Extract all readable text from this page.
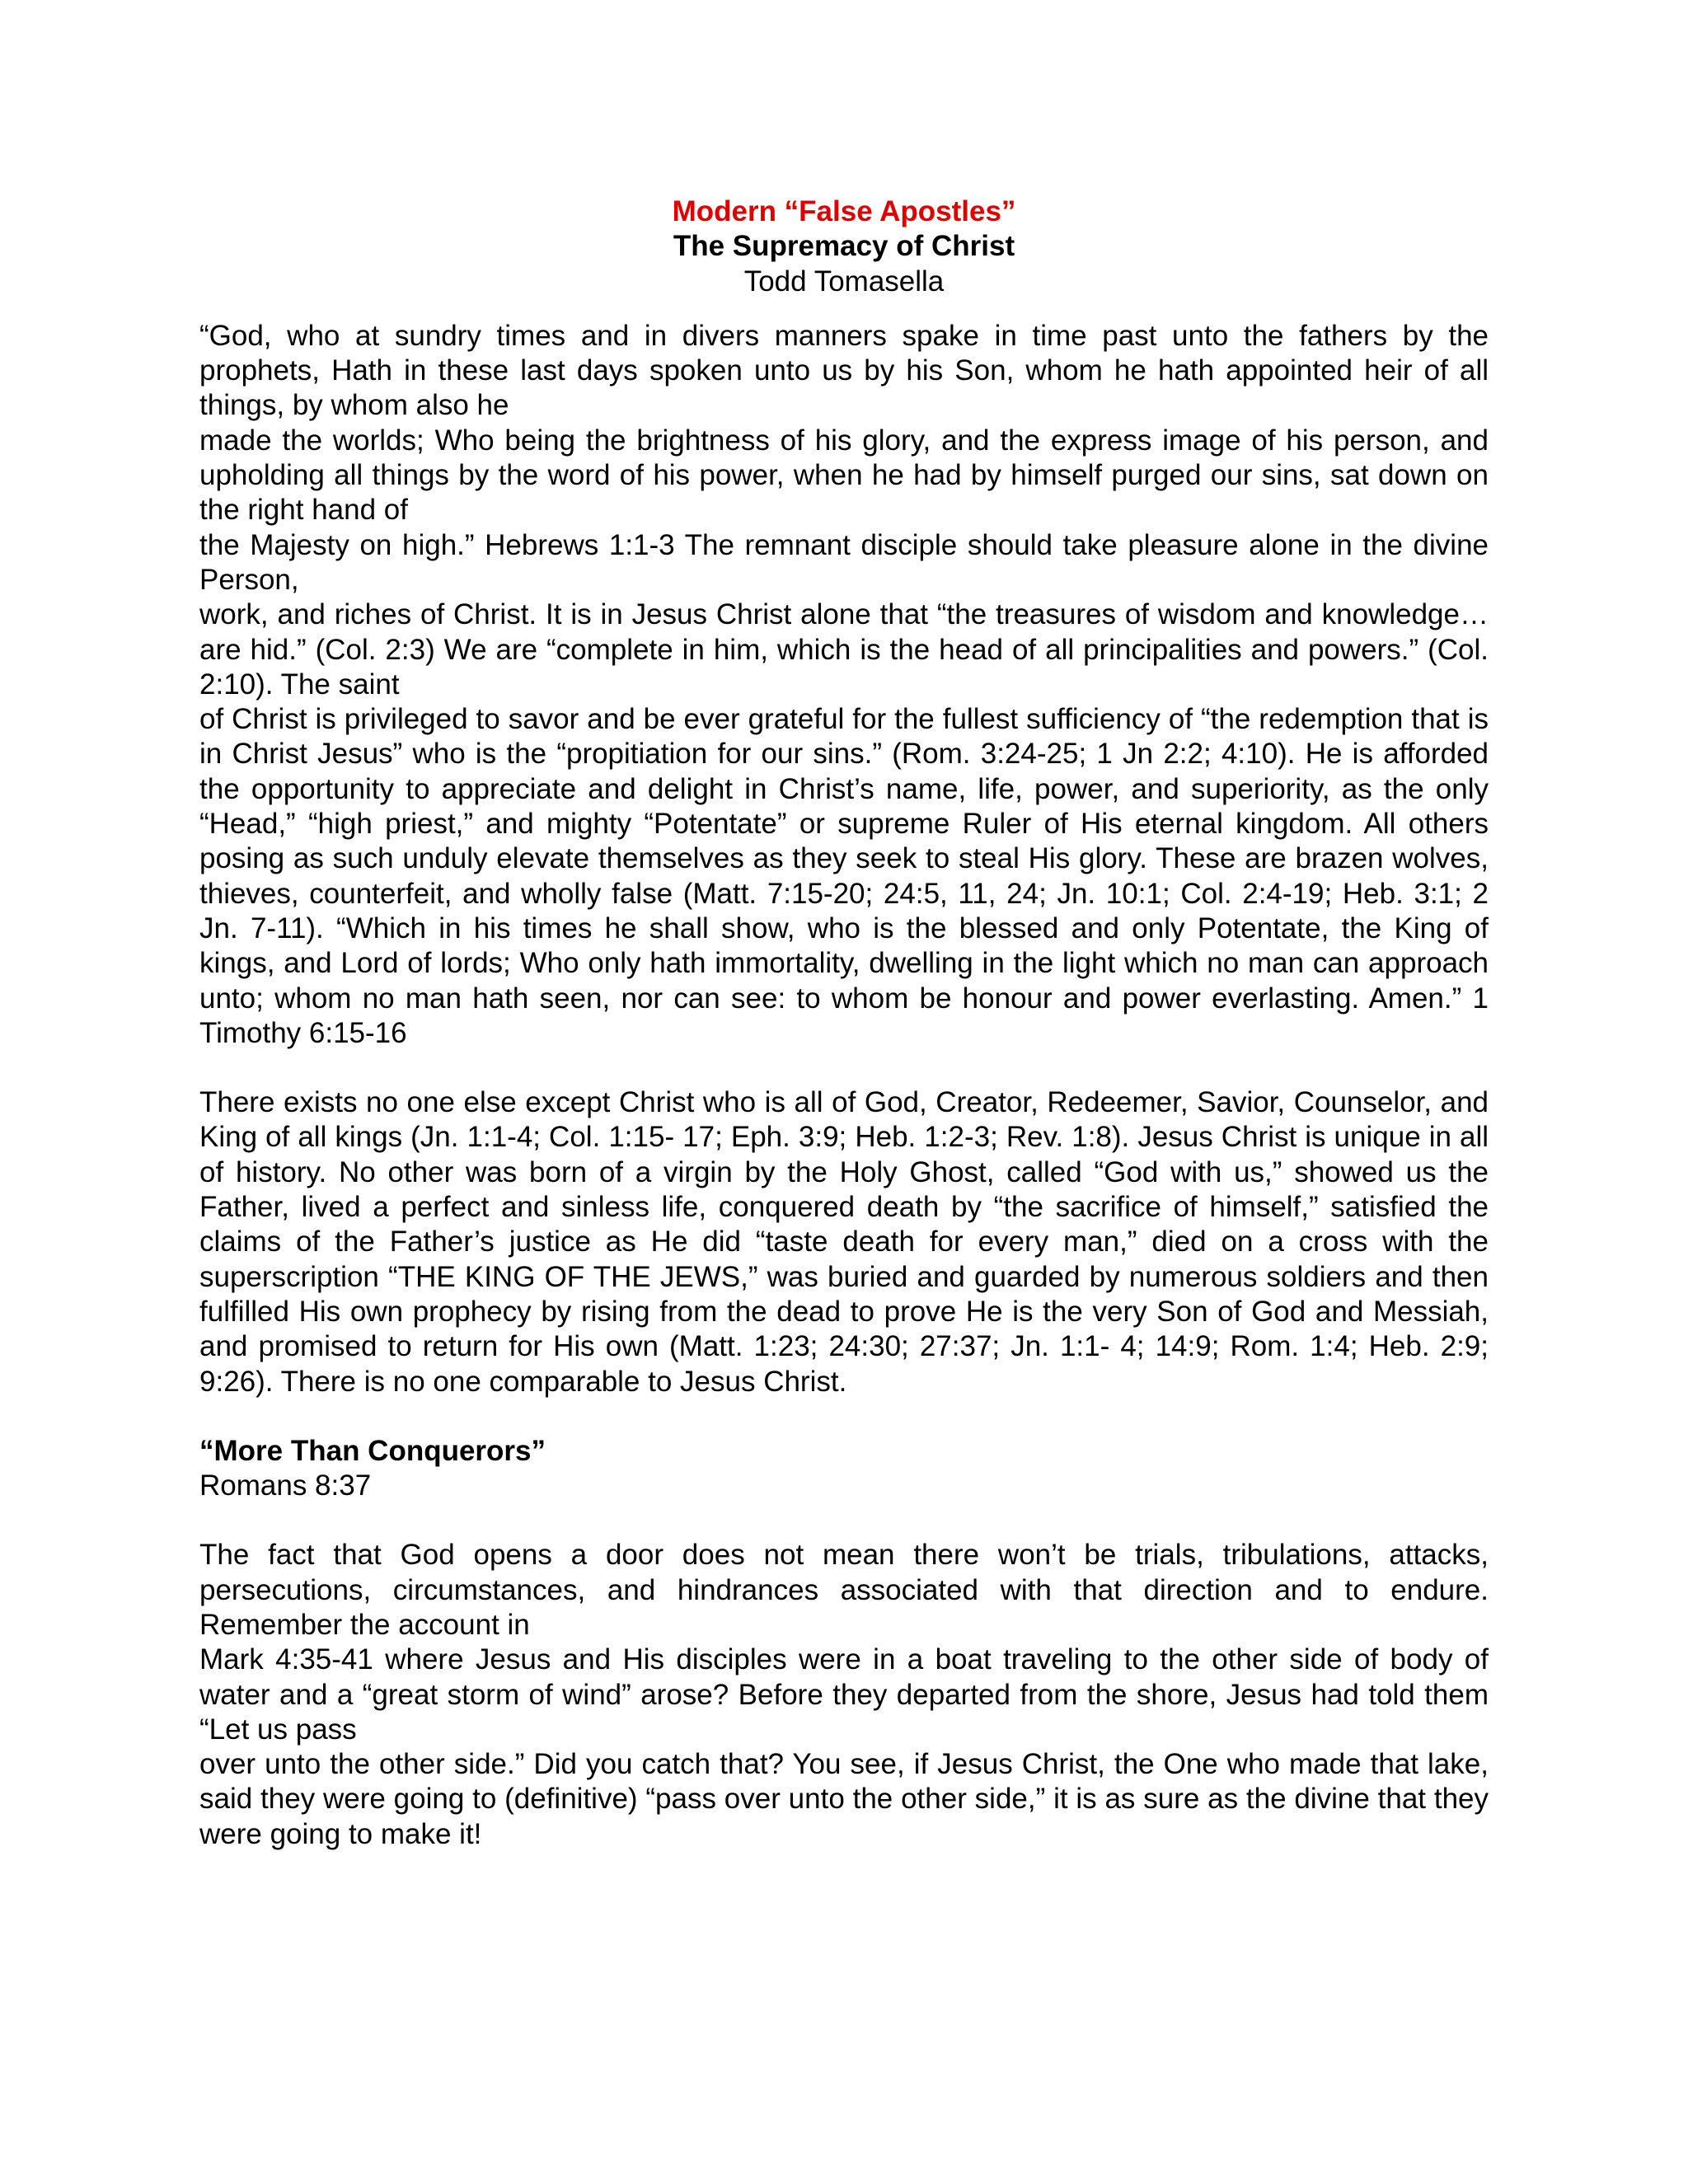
Modern “False Apostles”
The Supremacy of Christ
Todd Tomasella

“God, who at sundry times and in divers manners spake in time past unto the fathers by the prophets, Hath in these last days spoken unto us by his Son, whom he hath appointed heir of all things, by whom also he

made the worlds; Who being the brightness of his glory, and the express image of his person, and upholding all things by the word of his power, when he had by himself purged our sins, sat down on the right hand of

the Majesty on high.” Hebrews 1:1-3 The remnant disciple should take pleasure alone in the divine Person,

work, and riches of Christ. It is in Jesus Christ alone that “the treasures of wisdom and knowledge…are hid.” (Col. 2:3) We are “complete in him, which is the head of all principalities and powers.” (Col. 2:10). The saint

of Christ is privileged to savor and be ever grateful for the fullest sufficiency of “the redemption that is in Christ Jesus” who is the “propitiation for our sins.” (Rom. 3:24-25; 1 Jn 2:2; 4:10). He is afforded the opportunity to appreciate and delight in Christ’s name, life, power, and superiority, as the only “Head,” “high priest,” and mighty “Potentate” or supreme Ruler of His eternal kingdom. All others posing as such unduly elevate themselves as they seek to steal His glory. These are brazen wolves, thieves, counterfeit, and wholly false (Matt. 7:15-20; 24:5, 11, 24; Jn. 10:1; Col. 2:4-19; Heb. 3:1; 2 Jn. 7-11). “Which in his times he shall show, who is the blessed and only Potentate, the King of kings, and Lord of lords; Who only hath immortality, dwelling in the light which no man can approach unto; whom no man hath seen, nor can see: to whom be honour and power everlasting. Amen.” 1 Timothy 6:15-16

There exists no one else except Christ who is all of God, Creator, Redeemer, Savior, Counselor, and King of all kings (Jn. 1:1-4; Col. 1:15- 17; Eph. 3:9; Heb. 1:2-3; Rev. 1:8). Jesus Christ is unique in all of history. No other was born of a virgin by the Holy Ghost, called “God with us,” showed us the Father, lived a perfect and sinless life, conquered death by “the sacrifice of himself,” satisfied the claims of the Father’s justice as He did “taste death for every man,” died on a cross with the superscription “THE KING OF THE JEWS,” was buried and guarded by numerous soldiers and then fulfilled His own prophecy by rising from the dead to prove He is the very Son of God and Messiah, and promised to return for His own (Matt. 1:23; 24:30; 27:37; Jn. 1:1- 4; 14:9; Rom. 1:4; Heb. 2:9; 9:26). There is no one comparable to Jesus Christ.

“More Than Conquerors”
Romans 8:37

The fact that God opens a door does not mean there won’t be trials, tribulations, attacks, persecutions, circumstances, and hindrances associated with that direction and to endure. Remember the account in

Mark 4:35-41 where Jesus and His disciples were in a boat traveling to the other side of body of water and a “great storm of wind” arose? Before they departed from the shore, Jesus had told them “Let us pass

over unto the other side.” Did you catch that? You see, if Jesus Christ, the One who made that lake, said they were going to (definitive) “pass over unto the other side,” it is as sure as the divine that they were going to make it!
